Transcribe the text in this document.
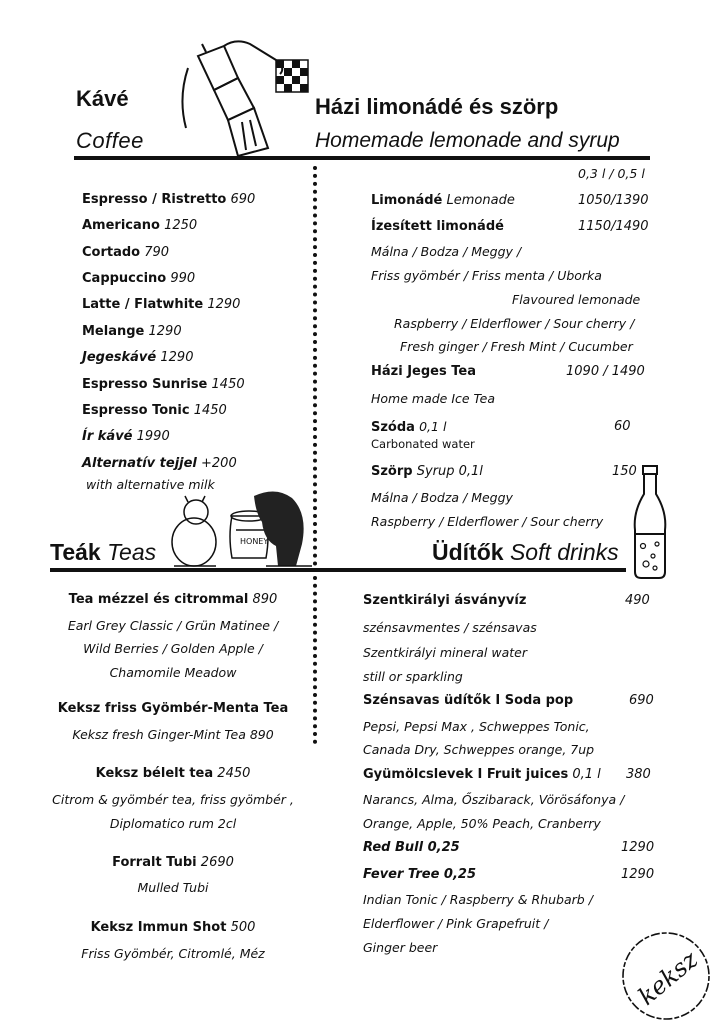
HONEY
keksz
Kávé
Coffee
Házi limonádé és szörp
Homemade lemonade and syrup
Teák Teas	Üdítők Soft drinks
Espresso / Ristretto 690
Americano 1250
Cortado 790
Cappuccino 990
Latte / Flatwhite 1290
Melange 1290
Jegeskávé 1290
Espresso Sunrise 1450
Espresso Tonic 1450
Ír kávé 1990
Alternatív tejjel +200
with alternative milk
0,3 l / 0,5 l
Limonádé Lemonade	1050/1390
Ízesített limonádé	1150/1490
Málna / Bodza / Meggy /
Friss gyömbér / Friss menta / Uborka
Flavoured lemonade
Raspberry / Elderflower / Sour cherry /
Fresh ginger / Fresh Mint / Cucumber
Házi Jeges Tea	1090 / 1490
Home made Ice Tea
Szóda 0,1 l	60
Carbonated water
Szörp Syrup 0,1l	150
Málna / Bodza / Meggy
Raspberry / Elderflower / Sour cherry
Tea mézzel és citrommal 890
Earl Grey Classic / Grün Matinee /
Wild Berries / Golden Apple /
Chamomile Meadow
Keksz friss Gyömbér-Menta Tea
Keksz fresh Ginger-Mint Tea 890
Keksz bélelt tea 2450
Citrom & gyömbér tea, friss gyömbér ,
Diplomatico rum 2cl
Forralt Tubi 2690
Mulled Tubi
Keksz Immun Shot 500
Friss Gyömbér, Citromlé, Méz
Szentkirályi ásványvíz	490
szénsavmentes / szénsavas
Szentkirályi mineral water
still or sparkling
Szénsavas üdítők I Soda pop	690
Pepsi, Pepsi Max , Schweppes Tonic,
Canada Dry, Schweppes orange, 7up
Gyümölcslevek I Fruit juices 0,1 l 380
Narancs, Alma, Őszibarack, Vörösáfonya /
Orange, Apple, 50% Peach, Cranberry
Red Bull 0,25	1290
Fever Tree 0,25	1290
Indian Tonic / Raspberry & Rhubarb /
Elderflower / Pink Grapefruit /
Ginger beer
